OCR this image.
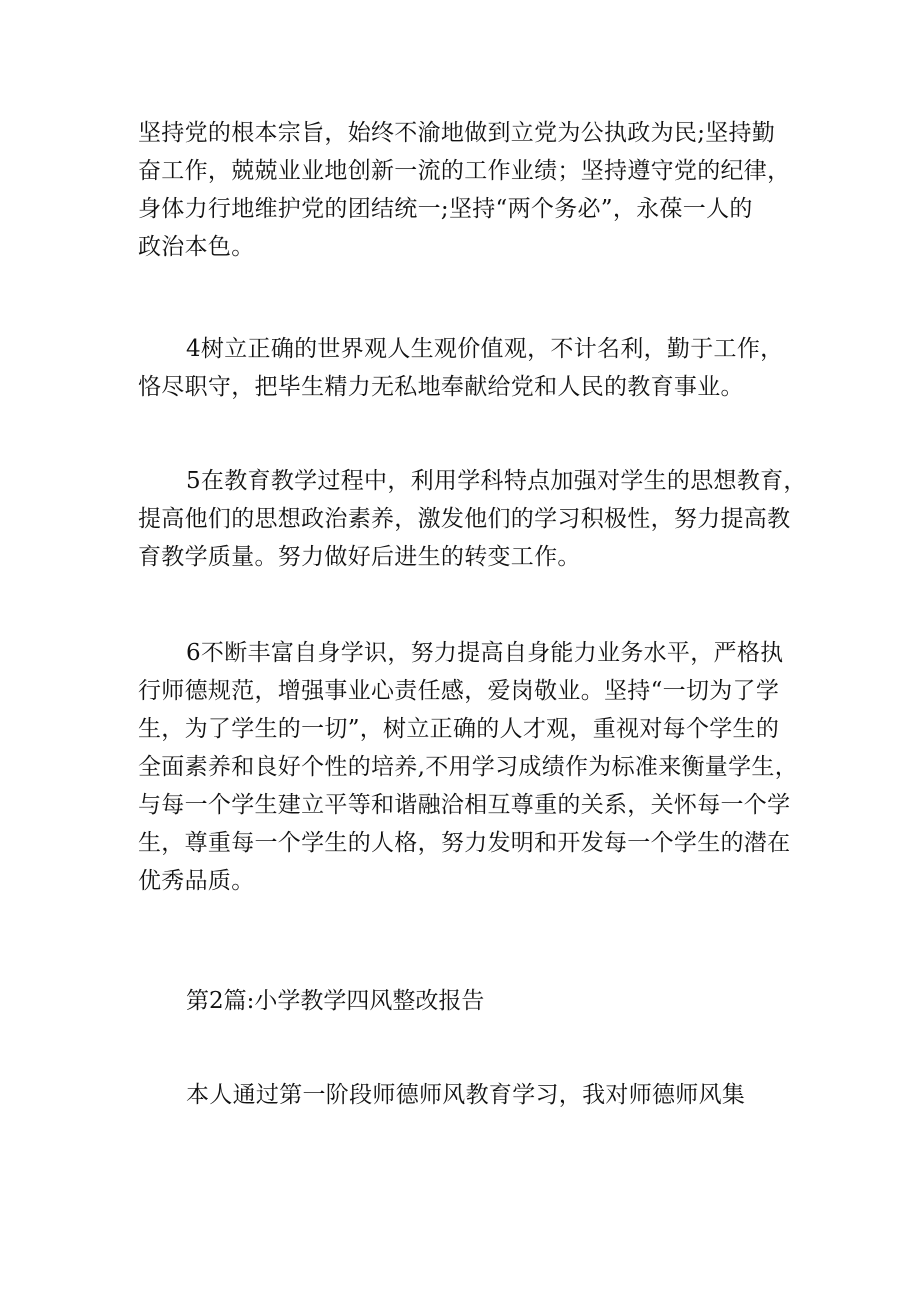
坚持党的根本宗旨，始终不渝地做到立党为公执政为民;坚持勤
奋工作，兢兢业业地创新一流的工作业绩；坚持遵守党的纪律，
身体力行地维护党的团结统一;坚持“两个务必”，永葆一人的
政治本色。
4树立正确的世界观人生观价值观，不计名利，勤于工作，
恪尽职守，把毕生精力无私地奉献给党和人民的教育事业。
5在教育教学过程中，利用学科特点加强对学生的思想教育，
提高他们的思想政治素养，激发他们的学习积极性，努力提高教
育教学质量。努力做好后进生的转变工作。
6不断丰富自身学识，努力提高自身能力业务水平，严格执
行师德规范，增强事业心责任感，爱岗敬业。坚持“一切为了学
生，为了学生的一切”，树立正确的人才观，重视对每个学生的
全面素养和良好个性的培养,不用学习成绩作为标准来衡量学生，
与每一个学生建立平等和谐融洽相互尊重的关系，关怀每一个学
生，尊重每一个学生的人格，努力发明和开发每一个学生的潜在
优秀品质。
第2篇:小学教学四风整改报告
本人通过第一阶段师德师风教育学习，我对师德师风集
